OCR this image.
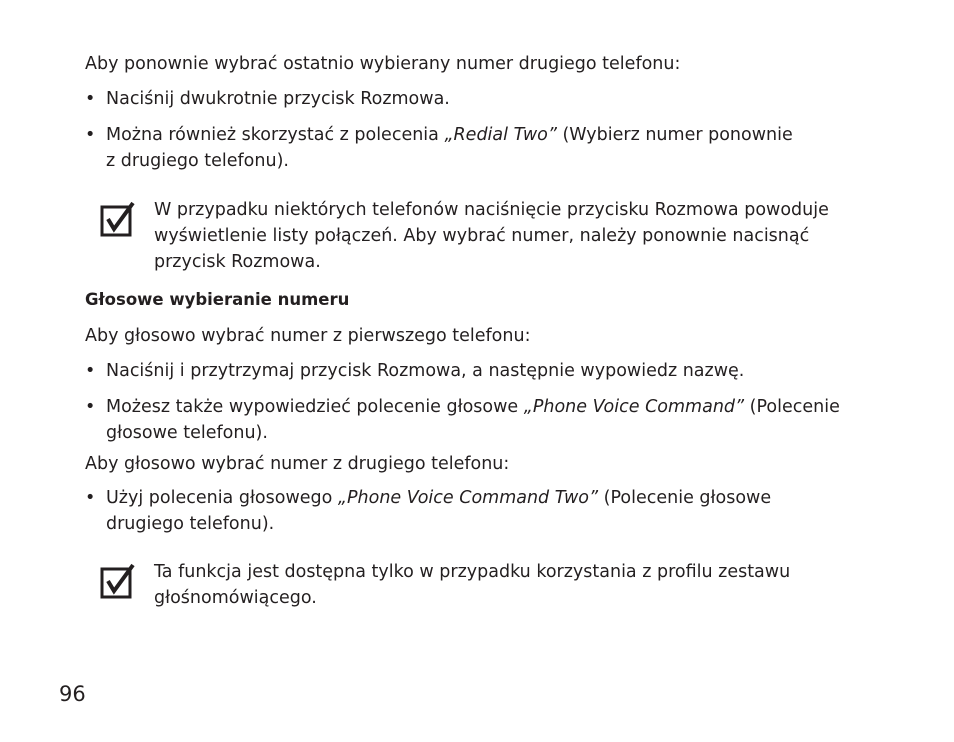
Aby ponownie wybrać ostatnio wybierany numer drugiego telefonu:

• Naciśnij dwukrotnie przycisk Rozmowa.
• Można również skorzystać z polecenia „Redial Two” (Wybierz numer ponownie
z drugiego telefonu).
W przypadku niektórych telefonów naciśnięcie przycisku Rozmowa powoduje
wyświetlenie listy połączeń. Aby wybrać numer, należy ponownie nacisnąć
przycisk Rozmowa.

Głosowe wybieranie numeru

Aby głosowo wybrać numer z pierwszego telefonu:

• Naciśnij i przytrzymaj przycisk Rozmowa, a następnie wypowiedz nazwę.
• Możesz także wypowiedzieć polecenie głosowe „Phone Voice Command” (Polecenie
głosowe telefonu).

Aby głosowo wybrać numer z drugiego telefonu:

• Użyj polecenia głosowego „Phone Voice Command Two” (Polecenie głosowe
drugiego telefonu).
Ta funkcja jest dostępna tylko w przypadku korzystania z profilu zestawu
głośnomówiącego.
96
